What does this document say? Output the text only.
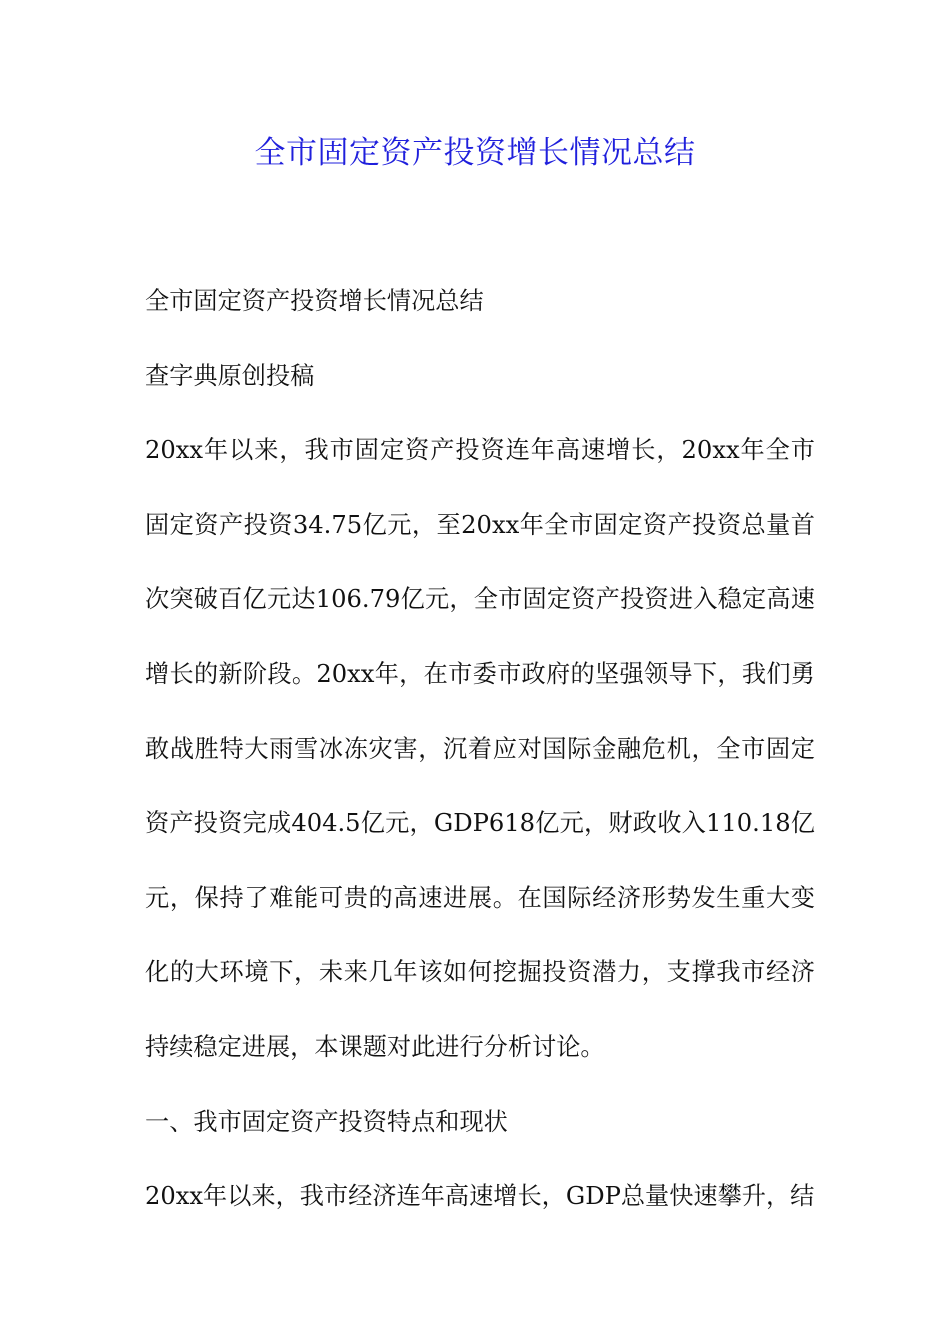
全市固定资产投资增长情况总结

全市固定资产投资增长情况总结

查字典原创投稿

20xx年以来，我市固定资产投资连年高速增长，20xx年全市固定资产投资34.75亿元，至20xx年全市固定资产投资总量首次突破百亿元达106.79亿元，全市固定资产投资进入稳定高速增长的新阶段。20xx年，在市委市政府的坚强领导下，我们勇敢战胜特大雨雪冰冻灾害，沉着应对国际金融危机，全市固定资产投资完成404.5亿元，GDP618亿元，财政收入110.18亿元，保持了难能可贵的高速进展。在国际经济形势发生重大变化的大环境下，未来几年该如何挖掘投资潜力，支撑我市经济持续稳定进展，本课题对此进行分析讨论。

一、我市固定资产投资特点和现状

20xx年以来，我市经济连年高速增长，GDP总量快速攀升，结
